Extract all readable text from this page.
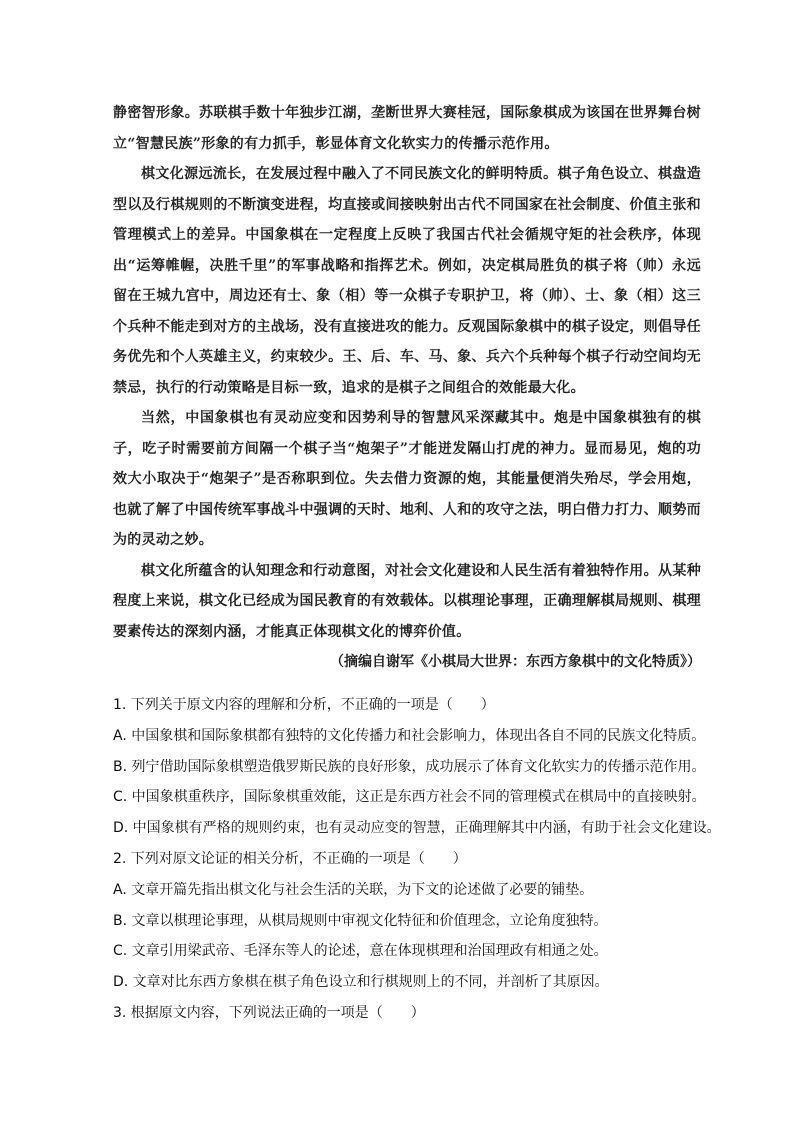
静密智形象。苏联棋手数十年独步江湖，垄断世界大赛桂冠，国际象棋成为该国在世界舞台树立“智慧民族”形象的有力抓手，彰显体育文化软实力的传播示范作用。

棋文化源远流长，在发展过程中融入了不同民族文化的鲜明特质。棋子角色设立、棋盘造型以及行棋规则的不断演变进程，均直接或间接映射出古代不同国家在社会制度、价值主张和管理模式上的差异。中国象棋在一定程度上反映了我国古代社会循规守矩的社会秩序，体现出“运筹帷幄，决胜千里”的军事战略和指挥艺术。例如，决定棋局胜负的棋子将（帅）永远留在王城九宫中，周边还有士、象（相）等一众棋子专职护卫，将（帅）、士、象（相）这三个兵种不能走到对方的主战场，没有直接进攻的能力。反观国际象棋中的棋子设定，则倡导任务优先和个人英雄主义，约束较少。王、后、车、马、象、兵六个兵种每个棋子行动空间均无禁忌，执行的行动策略是目标一致，追求的是棋子之间组合的效能最大化。

当然，中国象棋也有灵动应变和因势利导的智慧风采深藏其中。炮是中国象棋独有的棋子，吃子时需要前方间隔一个棋子当“炮架子”才能迸发隔山打虎的神力。显而易见，炮的功效大小取决于“炮架子”是否称职到位。失去借力资源的炮，其能量便消失殆尽，学会用炮，也就了解了中国传统军事战斗中强调的天时、地利、人和的攻守之法，明白借力打力、顺势而为的灵动之妙。

棋文化所蕴含的认知理念和行动意图，对社会文化建设和人民生活有着独特作用。从某种程度上来说，棋文化已经成为国民教育的有效载体。以棋理论事理，正确理解棋局规则、棋理要素传达的深刻内涵，才能真正体现棋文化的博弈价值。

（摘编自谢军《小棋局大世界：东西方象棋中的文化特质》）

1. 下列关于原文内容的理解和分析，不正确的一项是（　　）

A. 中国象棋和国际象棋都有独特的文化传播力和社会影响力，体现出各自不同的民族文化特质。

B. 列宁借助国际象棋塑造俄罗斯民族的良好形象，成功展示了体育文化软实力的传播示范作用。

C. 中国象棋重秩序，国际象棋重效能，这正是东西方社会不同的管理模式在棋局中的直接映射。

D. 中国象棋有严格的规则约束，也有灵动应变的智慧，正确理解其中内涵，有助于社会文化建设。

2. 下列对原文论证的相关分析，不正确的一项是（　　）

A. 文章开篇先指出棋文化与社会生活的关联，为下文的论述做了必要的铺垫。

B. 文章以棋理论事理，从棋局规则中审视文化特征和价值理念，立论角度独特。

C. 文章引用梁武帝、毛泽东等人的论述，意在体现棋理和治国理政有相通之处。

D. 文章对比东西方象棋在棋子角色设立和行棋规则上的不同，并剖析了其原因。

3. 根据原文内容，下列说法正确的一项是（　　）
